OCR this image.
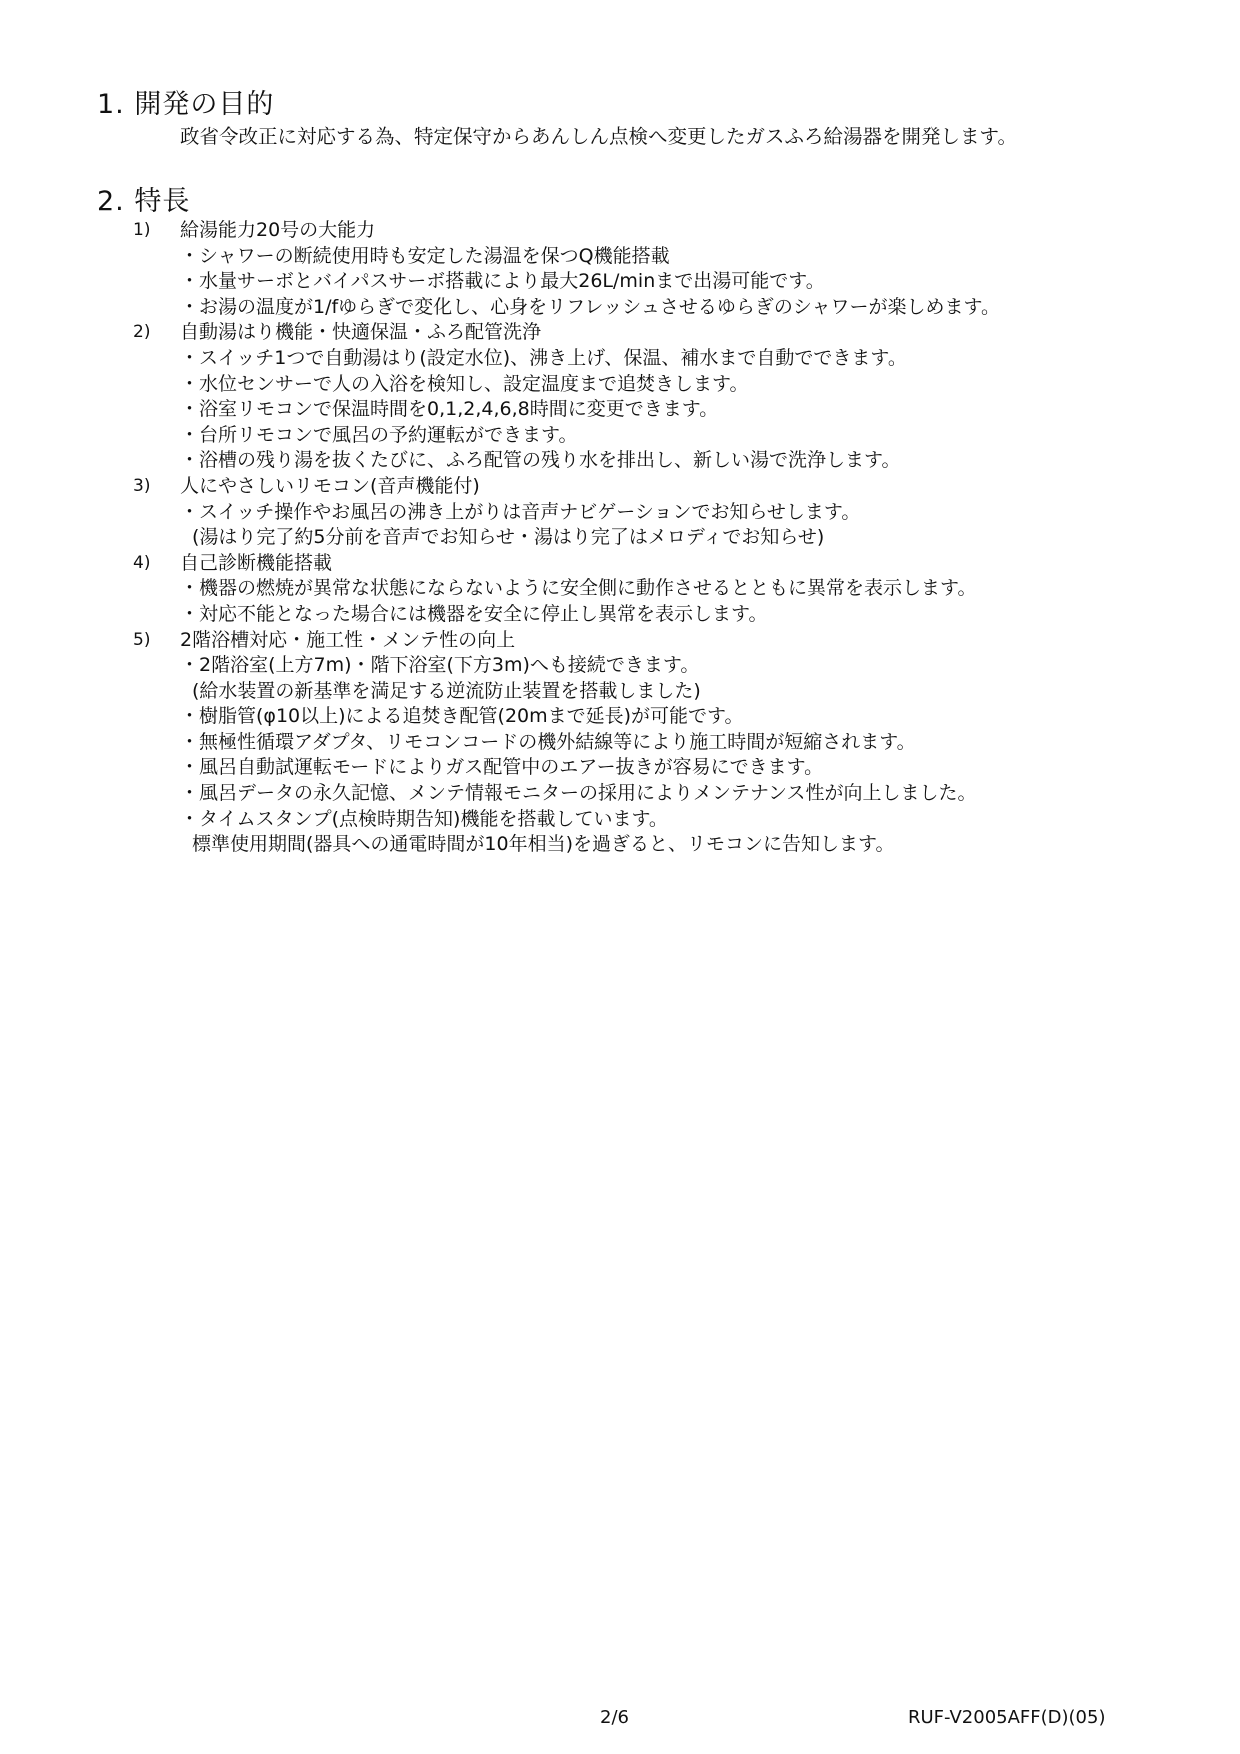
1. 開発の目的
政省令改正に対応する為、特定保守からあんしん点検へ変更したガスふろ給湯器を開発します。
2. 特長
1) 給湯能力20号の大能力
・シャワーの断続使用時も安定した湯温を保つQ機能搭載
・水量サーボとバイパスサーボ搭載により最大26L/minまで出湯可能です。
・お湯の温度が1/fゆらぎで変化し、心身をリフレッシュさせるゆらぎのシャワーが楽しめます。
2) 自動湯はり機能・快適保温・ふろ配管洗浄
・スイッチ1つで自動湯はり(設定水位)、沸き上げ、保温、補水まで自動でできます。
・水位センサーで人の入浴を検知し、設定温度まで追焚きします。
・浴室リモコンで保温時間を0,1,2,4,6,8時間に変更できます。
・台所リモコンで風呂の予約運転ができます。
・浴槽の残り湯を抜くたびに、ふろ配管の残り水を排出し、新しい湯で洗浄します。
3) 人にやさしいリモコン(音声機能付)
・スイッチ操作やお風呂の沸き上がりは音声ナビゲーションでお知らせします。
(湯はり完了約5分前を音声でお知らせ・湯はり完了はメロディでお知らせ)
4) 自己診断機能搭載
・機器の燃焼が異常な状態にならないように安全側に動作させるとともに異常を表示します。
・対応不能となった場合には機器を安全に停止し異常を表示します。
5) 2階浴槽対応・施工性・メンテ性の向上
・2階浴室(上方7m)・階下浴室(下方3m)へも接続できます。
(給水装置の新基準を満足する逆流防止装置を搭載しました)
・樹脂管(φ10以上)による追焚き配管(20mまで延長)が可能です。
・無極性循環アダプタ、リモコンコードの機外結線等により施工時間が短縮されます。
・風呂自動試運転モードによりガス配管中のエアー抜きが容易にできます。
・風呂データの永久記憶、メンテ情報モニターの採用によりメンテナンス性が向上しました。
・タイムスタンプ(点検時期告知)機能を搭載しています。
標準使用期間(器具への通電時間が10年相当)を過ぎると、リモコンに告知します。
2/6	RUF-V2005AFF(D)(05)
